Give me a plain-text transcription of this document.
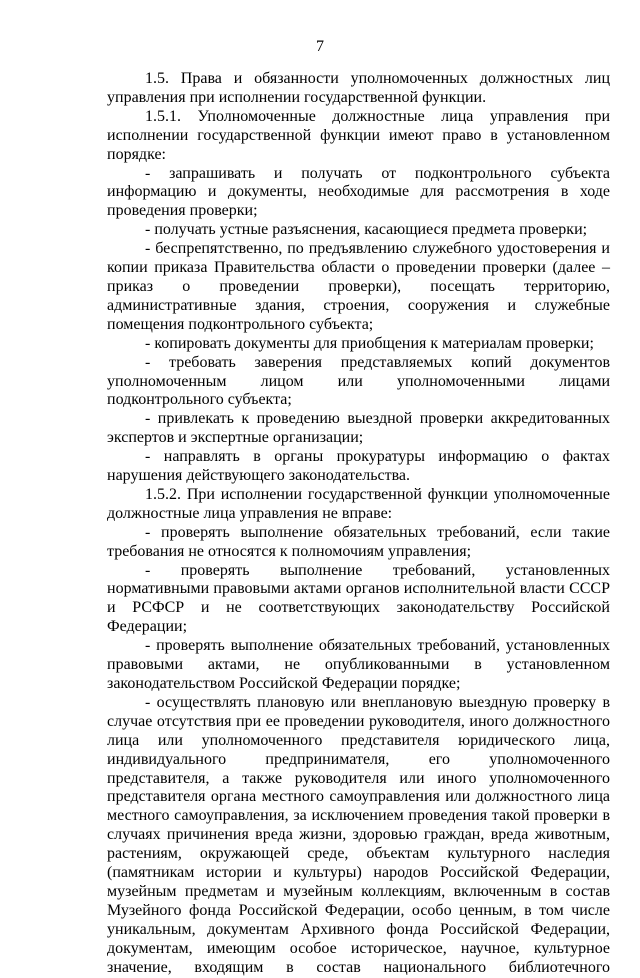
7

1.5. Права и обязанности уполномоченных должностных лиц управления при исполнении государственной функции.

1.5.1. Уполномоченные должностные лица управления при исполнении государственной функции имеют право в установленном порядке:

- запрашивать и получать от подконтрольного субъекта информацию и документы, необходимые для рассмотрения в ходе проведения проверки;

- получать устные разъяснения, касающиеся предмета проверки;

- беспрепятственно, по предъявлению служебного удостоверения и копии приказа Правительства области о проведении проверки (далее – приказ о проведении проверки), посещать территорию, административные здания, строения, сооружения и служебные помещения подконтрольного субъекта;

- копировать документы для приобщения к материалам проверки;

- требовать заверения представляемых копий документов уполномоченным лицом или уполномоченными лицами подконтрольного субъекта;

- привлекать к проведению выездной проверки аккредитованных экспертов и экспертные организации;

- направлять в органы прокуратуры информацию о фактах нарушения действующего законодательства.

1.5.2. При исполнении государственной функции уполномоченные должностные лица управления не вправе:

- проверять выполнение обязательных требований, если такие требования не относятся к полномочиям управления;

- проверять выполнение требований, установленных нормативными правовыми актами органов исполнительной власти СССР и РСФСР и не соответствующих законодательству Российской Федерации;

- проверять выполнение обязательных требований, установленных правовыми актами, не опубликованными в установленном законодательством Российской Федерации порядке;

- осуществлять плановую или внеплановую выездную проверку в случае отсутствия при ее проведении руководителя, иного должностного лица или уполномоченного представителя юридического лица, индивидуального предпринимателя, его уполномоченного представителя, а также руководителя или иного уполномоченного представителя органа местного самоуправления или должностного лица местного самоуправления, за исключением проведения такой проверки в случаях причинения вреда жизни, здоровью граждан, вреда животным, растениям, окружающей среде, объектам культурного наследия (памятникам истории и культуры) народов Российской Федерации, музейным предметам и музейным коллекциям, включенным в состав Музейного фонда Российской Федерации, особо ценным, в том числе уникальным, документам Архивного фонда Российской Федерации, документам, имеющим особое историческое, научное, культурное значение, входящим в состав национального библиотечного
